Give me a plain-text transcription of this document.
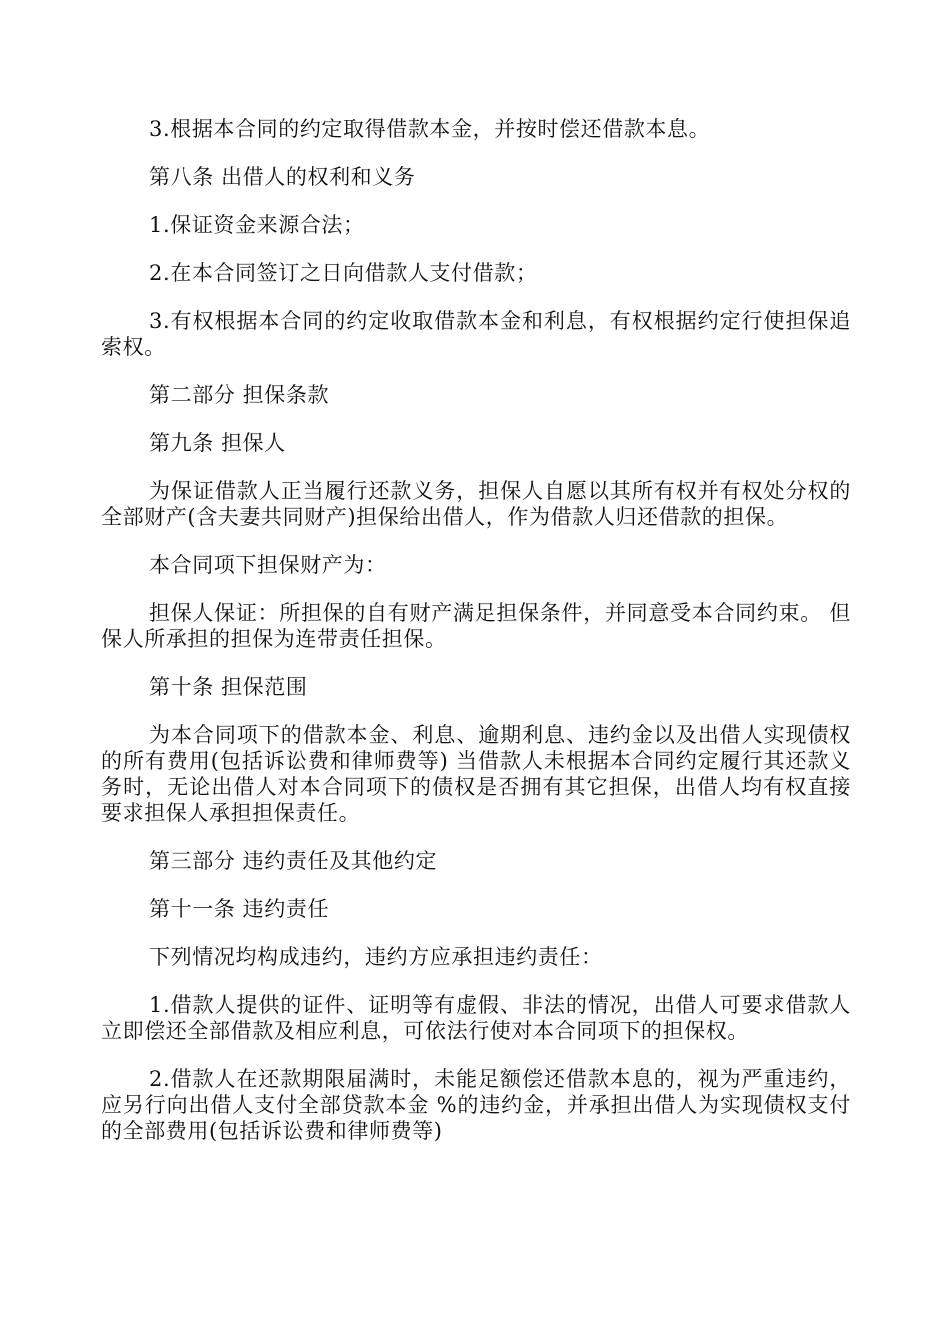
3.根据本合同的约定取得借款本金，并按时偿还借款本息。

第八条 出借人的权利和义务

1.保证资金来源合法；

2.在本合同签订之日向借款人支付借款；

3.有权根据本合同的约定收取借款本金和利息，有权根据约定行使担保追索权。

第二部分 担保条款

第九条 担保人

为保证借款人正当履行还款义务，担保人自愿以其所有权并有权处分权的全部财产(含夫妻共同财产)担保给出借人，作为借款人归还借款的担保。

本合同项下担保财产为：

担保人保证：所担保的自有财产满足担保条件，并同意受本合同约束。 但保人所承担的担保为连带责任担保。

第十条 担保范围

为本合同项下的借款本金、利息、逾期利息、违约金以及出借人实现债权的所有费用(包括诉讼费和律师费等) 当借款人未根据本合同约定履行其还款义务时，无论出借人对本合同项下的债权是否拥有其它担保，出借人均有权直接要求担保人承担担保责任。

第三部分 违约责任及其他约定

第十一条 违约责任

下列情况均构成违约，违约方应承担违约责任：

1.借款人提供的证件、证明等有虚假、非法的情况，出借人可要求借款人立即偿还全部借款及相应利息，可依法行使对本合同项下的担保权。

2.借款人在还款期限届满时，未能足额偿还借款本息的，视为严重违约，应另行向出借人支付全部贷款本金 %的违约金，并承担出借人为实现债权支付的全部费用(包括诉讼费和律师费等)
